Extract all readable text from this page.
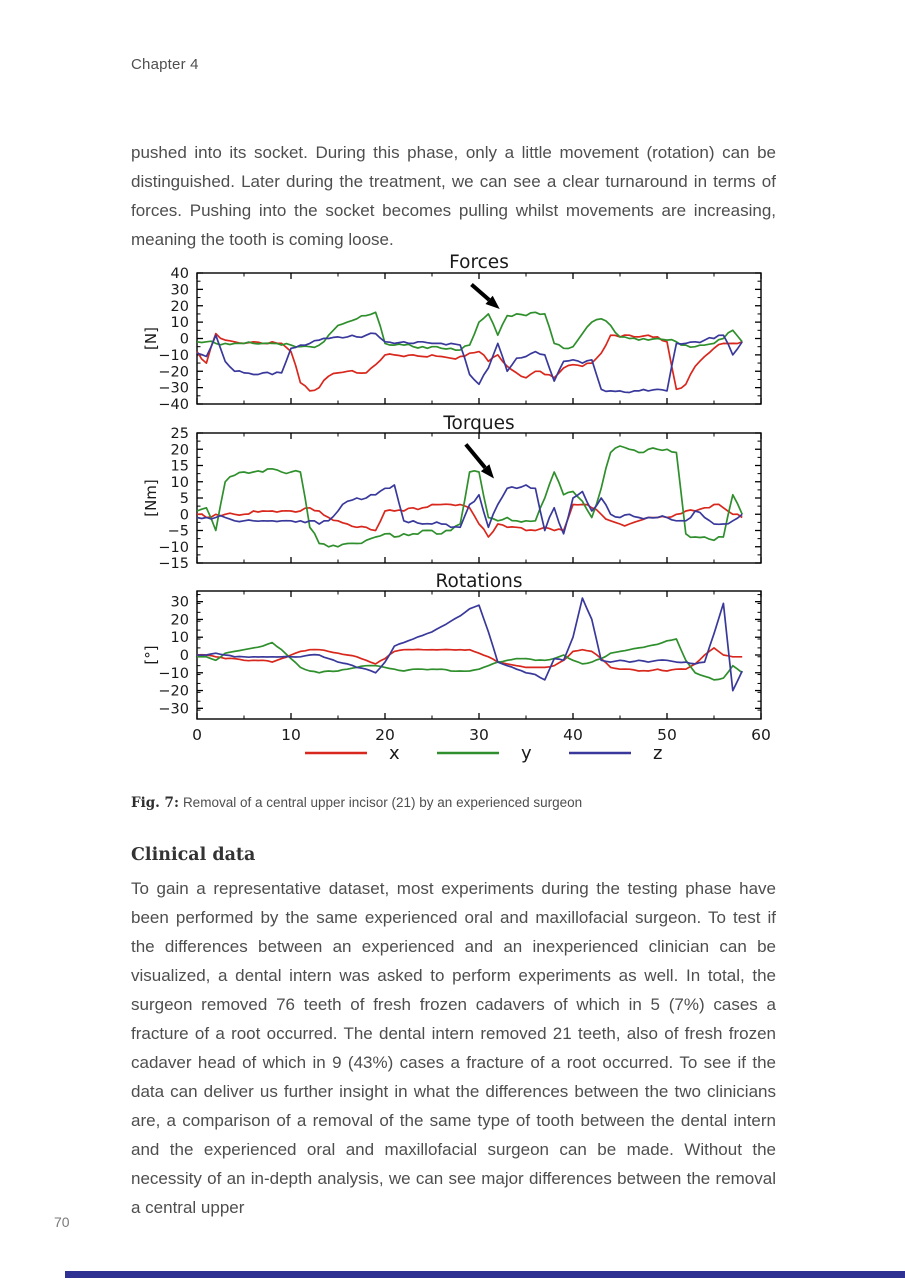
Chapter 4

pushed into its socket. During this phase, only a little movement (rotation) can be distinguished. Later during the treatment, we can see a clear turnaround in terms of forces. Pushing into the socket becomes pulling whilst movements are increasing, meaning the tooth is coming loose.

Forces
[N]
40
30
20
10
0
−10
−20
−30
−40
Torques
[Nm]
25
20
15
10
5
0
−5
−10
−15
Rotations
[°]
30
20
10
0
−10
−20
−30
0	10	20	30	40	50	60
x	y	z

Fig. 7: Removal of a central upper incisor (21) by an experienced surgeon

Clinical data

To gain a representative dataset, most experiments during the testing phase have been performed by the same experienced oral and maxillofacial surgeon. To test if the differences between an experienced and an inexperienced clinician can be visualized, a dental intern was asked to perform experiments as well. In total, the surgeon removed 76 teeth of fresh frozen cadavers of which in 5 (7%) cases a fracture of a root occurred. The dental intern removed 21 teeth, also of fresh frozen cadaver head of which in 9 (43%) cases a fracture of a root occurred. To see if the data can deliver us further insight in what the differences between the two clinicians are, a comparison of a removal of the same type of tooth between the dental intern and the experienced oral and maxillofacial surgeon can be made. Without the necessity of an in-depth analysis, we can see major differences between the removal a central upper

70
